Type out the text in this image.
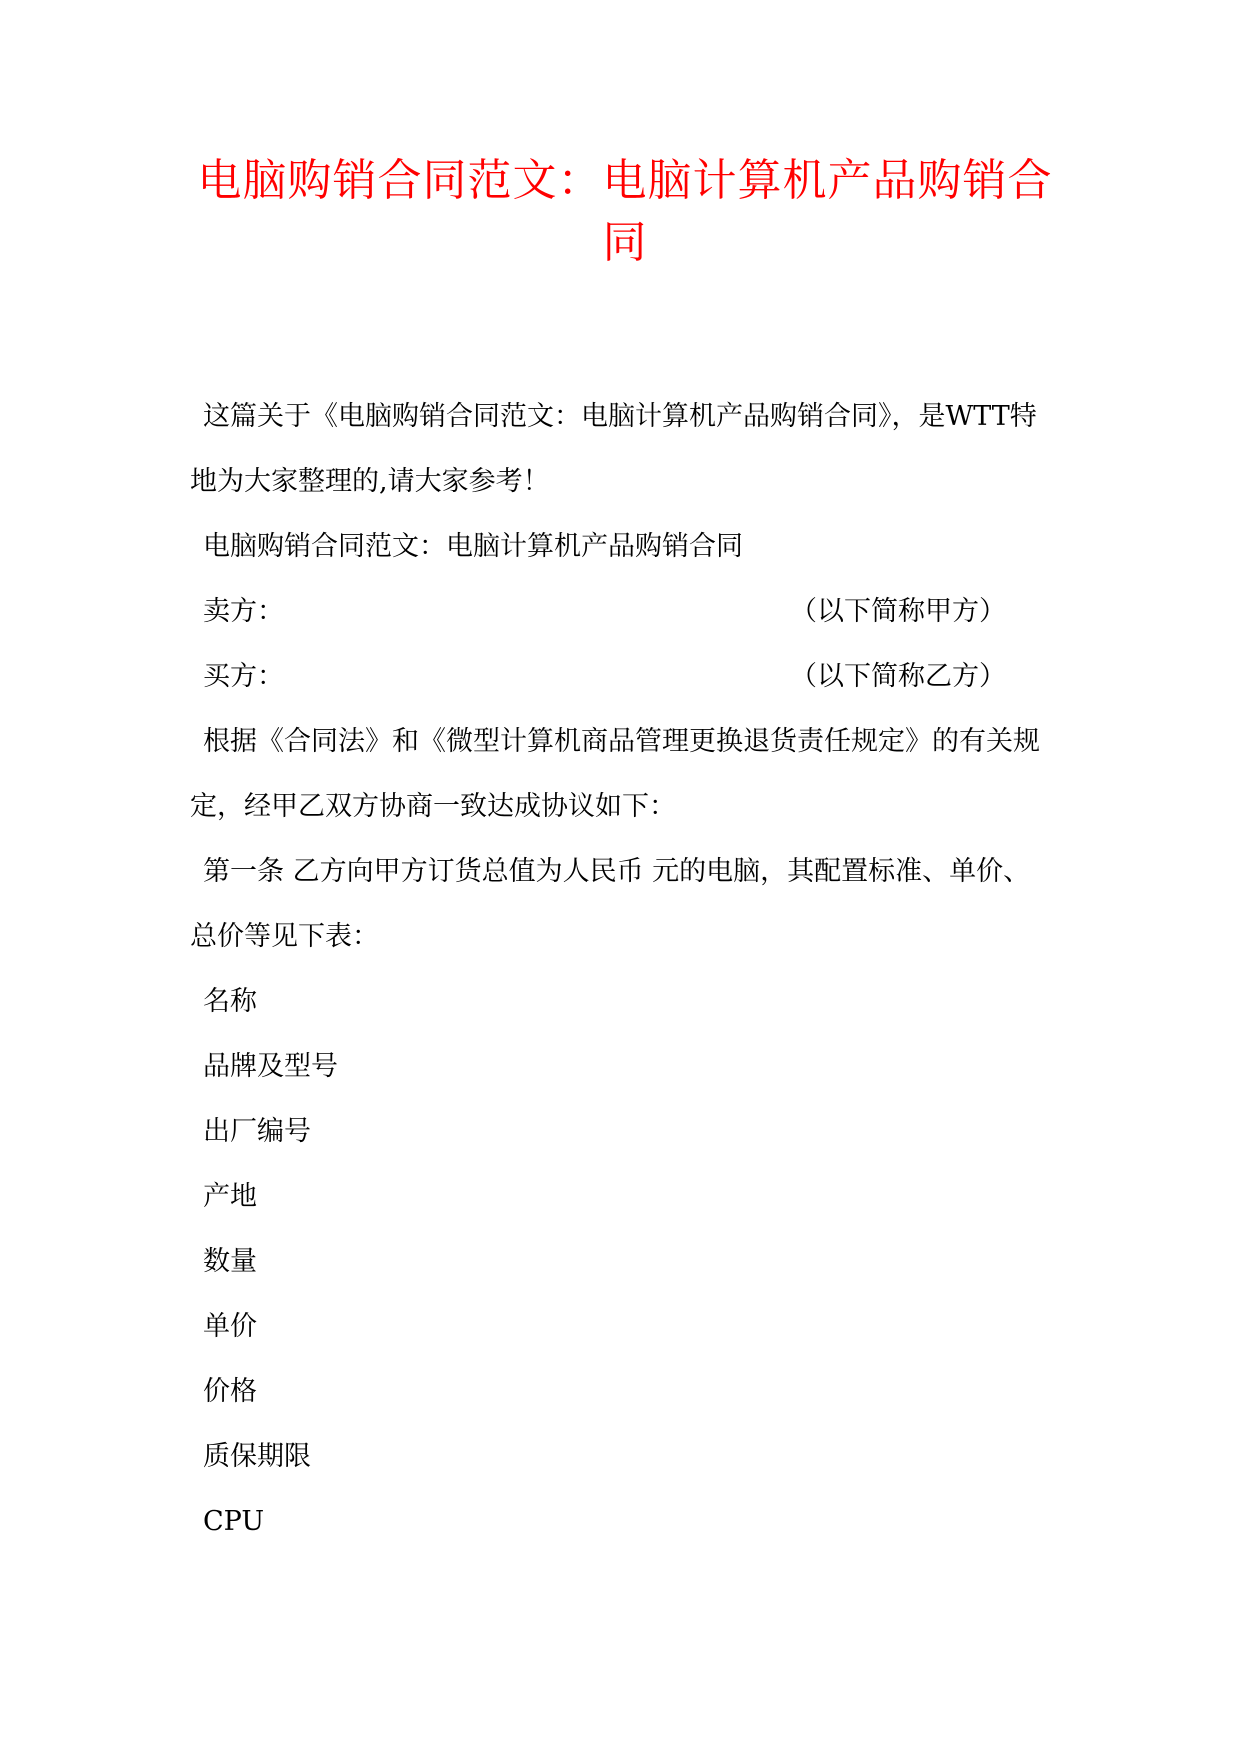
电脑购销合同范文：电脑计算机产品购销合同

这篇关于《电脑购销合同范文：电脑计算机产品购销合同》，是WTT特地为大家整理的,请大家参考！

电脑购销合同范文：电脑计算机产品购销合同

卖方：	（以下简称甲方）
买方：	（以下简称乙方）

根据《合同法》和《微型计算机商品管理更换退货责任规定》的有关规定，经甲乙双方协商一致达成协议如下：

第一条 乙方向甲方订货总值为人民币 元的电脑，其配置标准、单价、总价等见下表：

名称

品牌及型号

出厂编号

产地

数量

单价

价格

质保期限

CPU
